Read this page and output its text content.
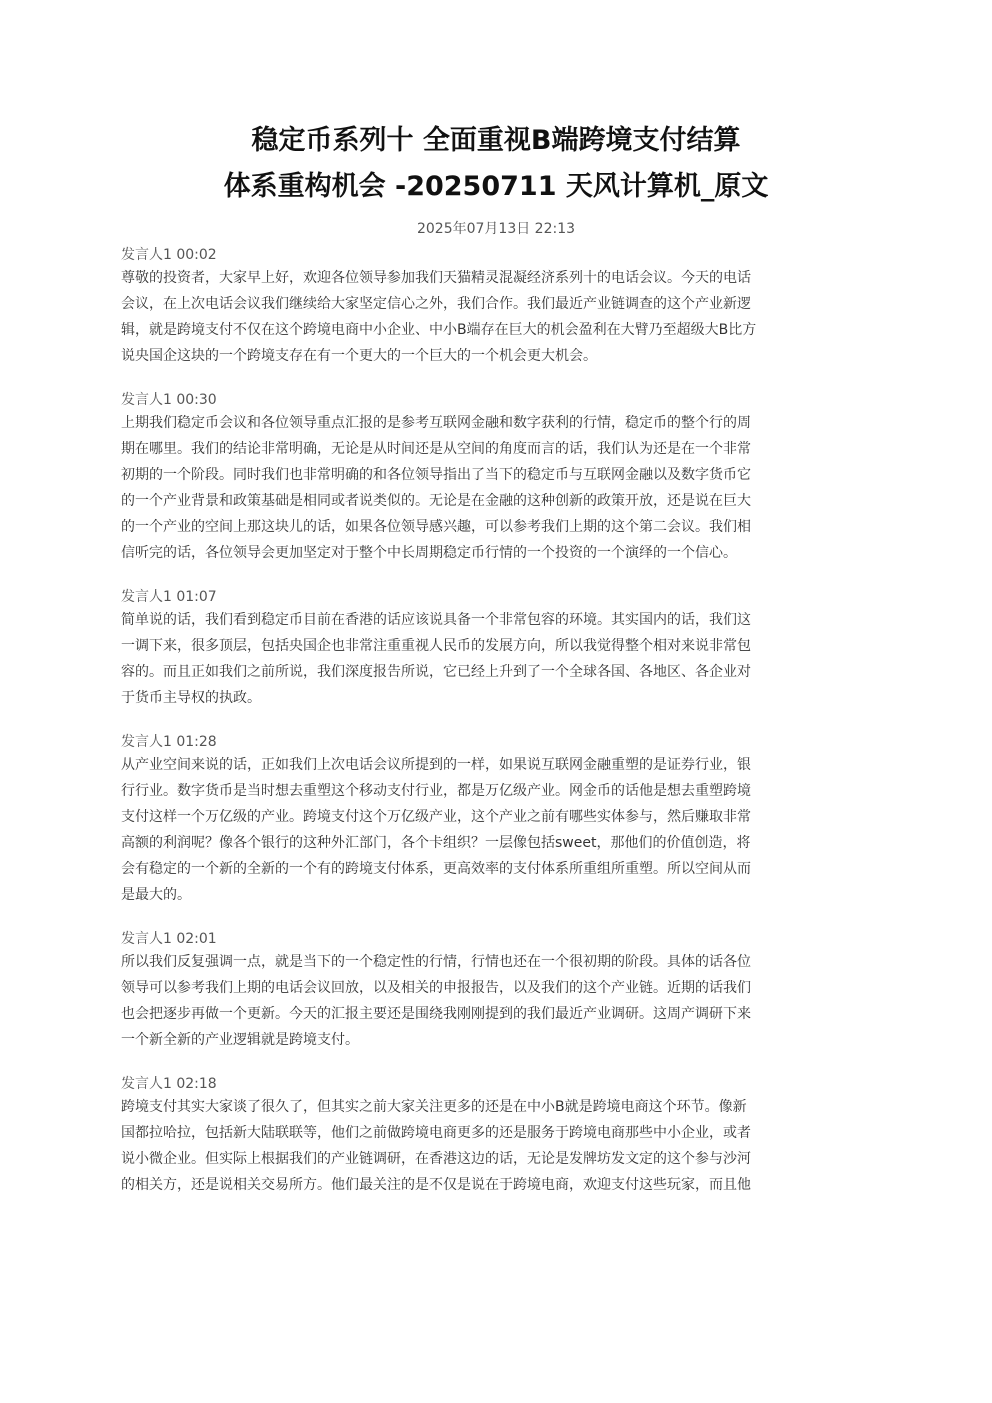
稳定币系列十 全面重视B端跨境支付结算
体系重构机会 -20250711 天风计算机_原文
2025年07月13日 22:13

发言人1 00:02

尊敬的投资者，大家早上好，欢迎各位领导参加我们天猫精灵混凝经济系列十的电话会议。今天的电话
会议，在上次电话会议我们继续给大家坚定信心之外，我们合作。我们最近产业链调查的这个产业新逻
辑，就是跨境支付不仅在这个跨境电商中小企业、中小B端存在巨大的机会盈利在大臂乃至超级大B比方
说央国企这块的一个跨境支存在有一个更大的一个巨大的一个机会更大机会。

发言人1 00:30

上期我们稳定币会议和各位领导重点汇报的是参考互联网金融和数字获利的行情，稳定币的整个行的周
期在哪里。我们的结论非常明确，无论是从时间还是从空间的角度而言的话，我们认为还是在一个非常
初期的一个阶段。同时我们也非常明确的和各位领导指出了当下的稳定币与互联网金融以及数字货币它
的一个产业背景和政策基础是相同或者说类似的。无论是在金融的这种创新的政策开放，还是说在巨大
的一个产业的空间上那这块儿的话，如果各位领导感兴趣，可以参考我们上期的这个第二会议。我们相
信听完的话，各位领导会更加坚定对于整个中长周期稳定币行情的一个投资的一个演绎的一个信心。

发言人1 01:07

简单说的话，我们看到稳定币目前在香港的话应该说具备一个非常包容的环境。其实国内的话，我们这
一调下来，很多顶层，包括央国企也非常注重重视人民币的发展方向，所以我觉得整个相对来说非常包
容的。而且正如我们之前所说，我们深度报告所说，它已经上升到了一个全球各国、各地区、各企业对
于货币主导权的执政。

发言人1 01:28

从产业空间来说的话，正如我们上次电话会议所提到的一样，如果说互联网金融重塑的是证券行业，银
行行业。数字货币是当时想去重塑这个移动支付行业，都是万亿级产业。网金币的话他是想去重塑跨境
支付这样一个万亿级的产业。跨境支付这个万亿级产业，这个产业之前有哪些实体参与，然后赚取非常
高额的利润呢？像各个银行的这种外汇部门，各个卡组织？一层像包括sweet，那他们的价值创造，将
会有稳定的一个新的全新的一个有的跨境支付体系，更高效率的支付体系所重组所重塑。所以空间从而
是最大的。

发言人1 02:01

所以我们反复强调一点，就是当下的一个稳定性的行情，行情也还在一个很初期的阶段。具体的话各位
领导可以参考我们上期的电话会议回放，以及相关的申报报告，以及我们的这个产业链。近期的话我们
也会把逐步再做一个更新。今天的汇报主要还是围绕我刚刚提到的我们最近产业调研。这周产调研下来
一个新全新的产业逻辑就是跨境支付。

发言人1 02:18

跨境支付其实大家谈了很久了，但其实之前大家关注更多的还是在中小B就是跨境电商这个环节。像新
国都拉哈拉，包括新大陆联联等，他们之前做跨境电商更多的还是服务于跨境电商那些中小企业，或者
说小微企业。但实际上根据我们的产业链调研，在香港这边的话，无论是发牌坊发文定的这个参与沙河
的相关方，还是说相关交易所方。他们最关注的是不仅是说在于跨境电商，欢迎支付这些玩家，而且他
